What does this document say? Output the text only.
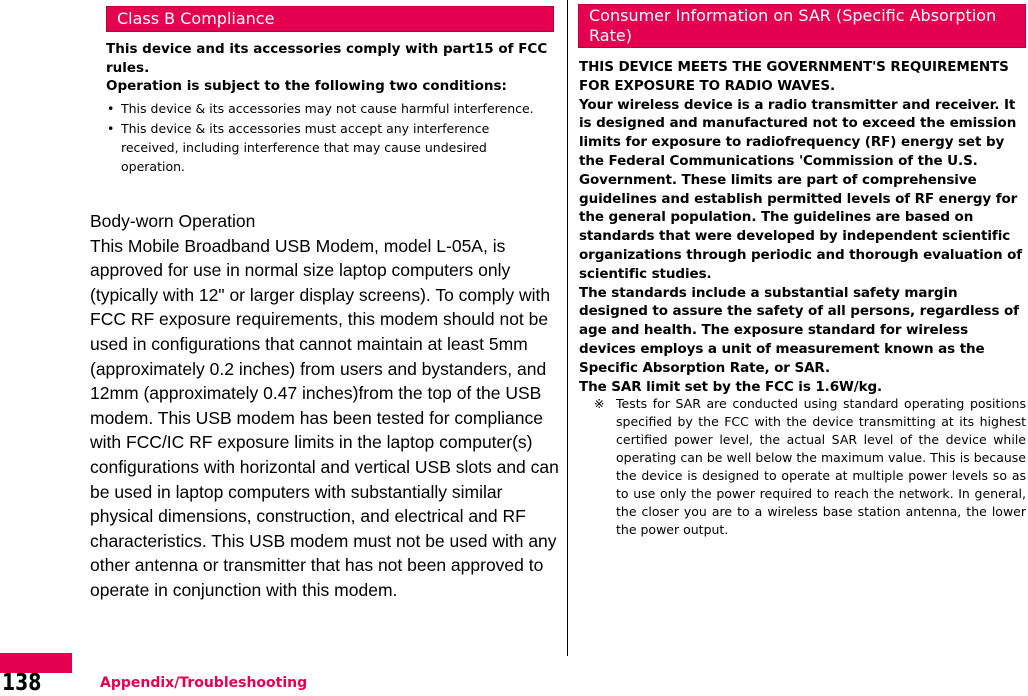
Class B Compliance
This device and its accessories comply with part15 of FCC rules.
Operation is subject to the following two conditions:
• This device & its accessories may not cause harmful interference.
• This device & its accessories must accept any interference received, including interference that may cause undesired operation.
Body-worn Operation
This Mobile Broadband USB Modem, model L-05A, is approved for use in normal size laptop computers only (typically with 12" or larger display screens). To comply with FCC RF exposure requirements, this modem should not be used in configurations that cannot maintain at least 5mm (approximately 0.2 inches) from users and bystanders, and 12mm (approximately 0.47 inches)from the top of the USB modem. This USB modem has been tested for compliance with FCC/IC RF exposure limits in the laptop computer(s) configurations with horizontal and vertical USB slots and can be used in laptop computers with substantially similar physical dimensions, construction, and electrical and RF characteristics. This USB modem must not be used with any other antenna or transmitter that has not been approved to operate in conjunction with this modem.
Consumer Information on SAR (Specific Absorption Rate)

THIS DEVICE MEETS THE GOVERNMENT'S REQUIREMENTS FOR EXPOSURE TO RADIO WAVES.

Your wireless device is a radio transmitter and receiver. It is designed and manufactured not to exceed the emission limits for exposure to radiofrequency (RF) energy set by the Federal Communications 'Commission of the U.S. Government. These limits are part of comprehensive guidelines and establish permitted levels of RF energy for the general population. The guidelines are based on standards that were developed by independent scientific organizations through periodic and thorough evaluation of scientific studies.

The standards include a substantial safety margin designed to assure the safety of all persons, regardless of age and health. The exposure standard for wireless devices employs a unit of measurement known as the Specific Absorption Rate, or SAR.

The SAR limit set by the FCC is 1.6W/kg.

※ Tests for SAR are conducted using standard operating positions specified by the FCC with the device transmitting at its highest certified power level, the actual SAR level of the device while operating can be well below the maximum value. This is because the device is designed to operate at multiple power levels so as to use only the power required to reach the network. In general, the closer you are to a wireless base station antenna, the lower the power output.
138	Appendix/Troubleshooting
